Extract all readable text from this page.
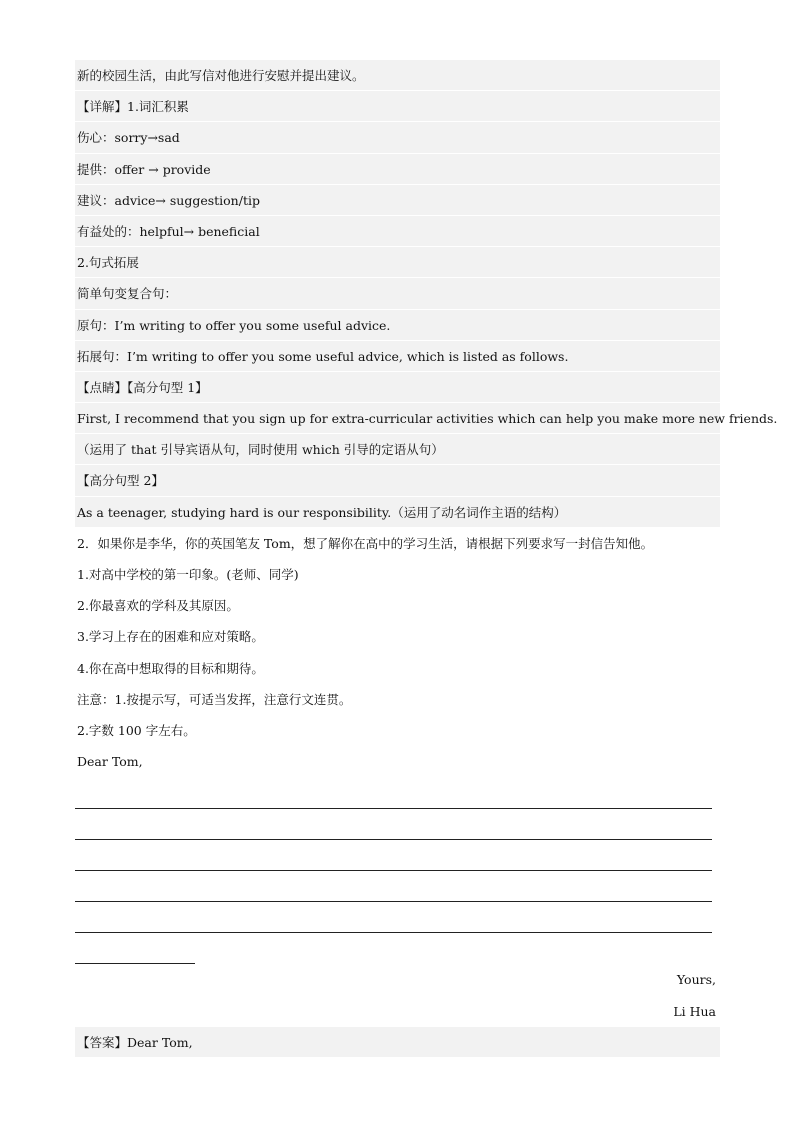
新的校园生活，由此写信对他进行安慰并提出建议。
【详解】1.词汇积累
伤心：sorry→sad
提供：offer → provide
建议：advice→ suggestion/tip
有益处的：helpful→ beneficial
2.句式拓展
简单句变复合句：
原句：I’m writing to offer you some useful advice.
拓展句：I’m writing to offer you some useful advice, which is listed as follows.
【点睛】【高分句型 1】
First, I recommend that you sign up for extra-curricular activities which can help you make more new friends.
（运用了 that 引导宾语从句，同时使用 which 引导的定语从句）
【高分句型 2】
As a teenager, studying hard is our responsibility.（运用了动名词作主语的结构）
2．如果你是李华，你的英国笔友 Tom，想了解你在高中的学习生活，请根据下列要求写一封信告知他。
1.对高中学校的第一印象。(老师、同学)
2.你最喜欢的学科及其原因。
3.学习上存在的困难和应对策略。
4.你在高中想取得的目标和期待。
注意：1.按提示写，可适当发挥，注意行文连贯。
2.字数 100 字左右。
Dear Tom,
Yours,
Li Hua
【答案】Dear Tom,
